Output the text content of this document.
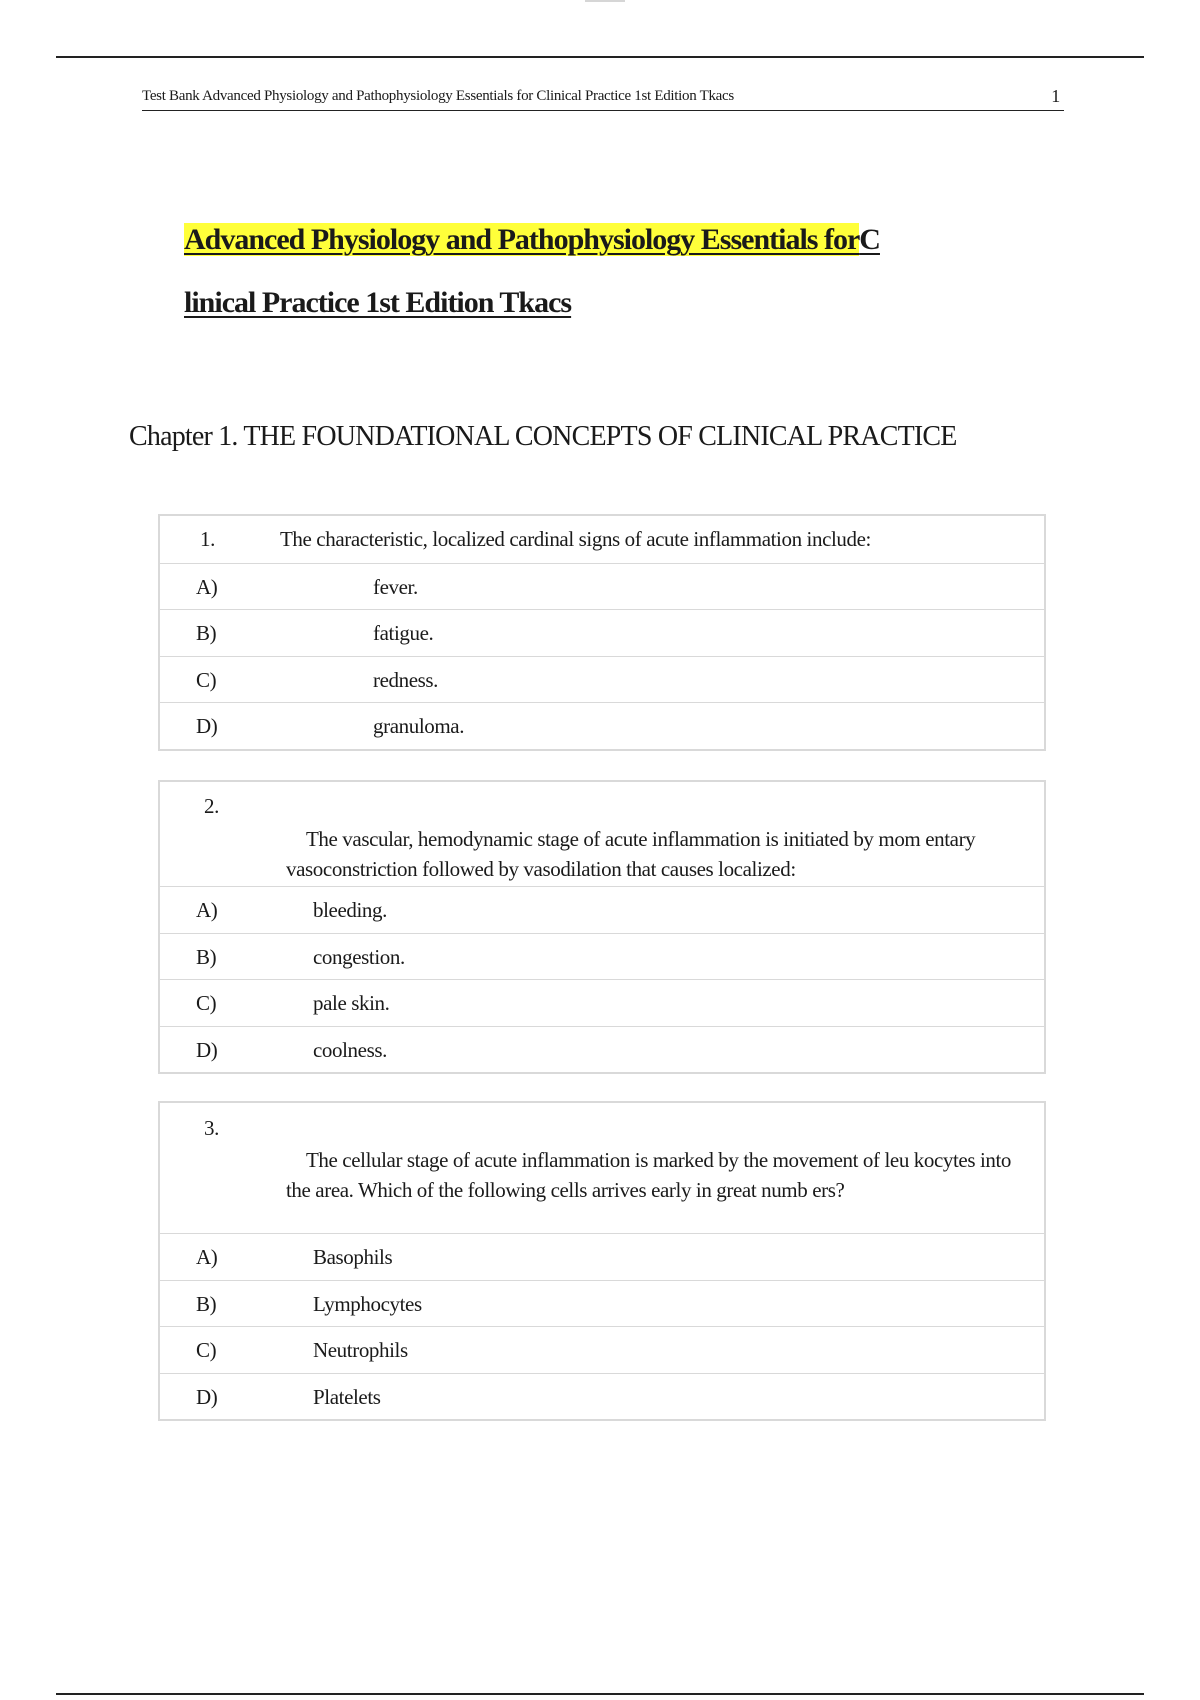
Test Bank Advanced Physiology and Pathophysiology Essentials for Clinical Practice 1st Edition Tkacs	1
Advanced Physiology and Pathophysiology Essentials forC
linical Practice 1st Edition Tkacs
Chapter 1. THE FOUNDATIONAL CONCEPTS OF CLINICAL PRACTICE
1.	The characteristic, localized cardinal signs of acute inflammation include:
A)	fever.
B)	fatigue.
C)	redness.
D)	granuloma.
2.
The vascular, hemodynamic stage of acute inflammation is initiated by mom entary vasoconstriction followed by vasodilation that causes localized:
A)	bleeding.
B)	congestion.
C)	pale skin.
D)	coolness.
3.
The cellular stage of acute inflammation is marked by the movement of leu kocytes into the area. Which of the following cells arrives early in great numb ers?
A)	Basophils
B)	Lymphocytes
C)	Neutrophils
D)	Platelets
